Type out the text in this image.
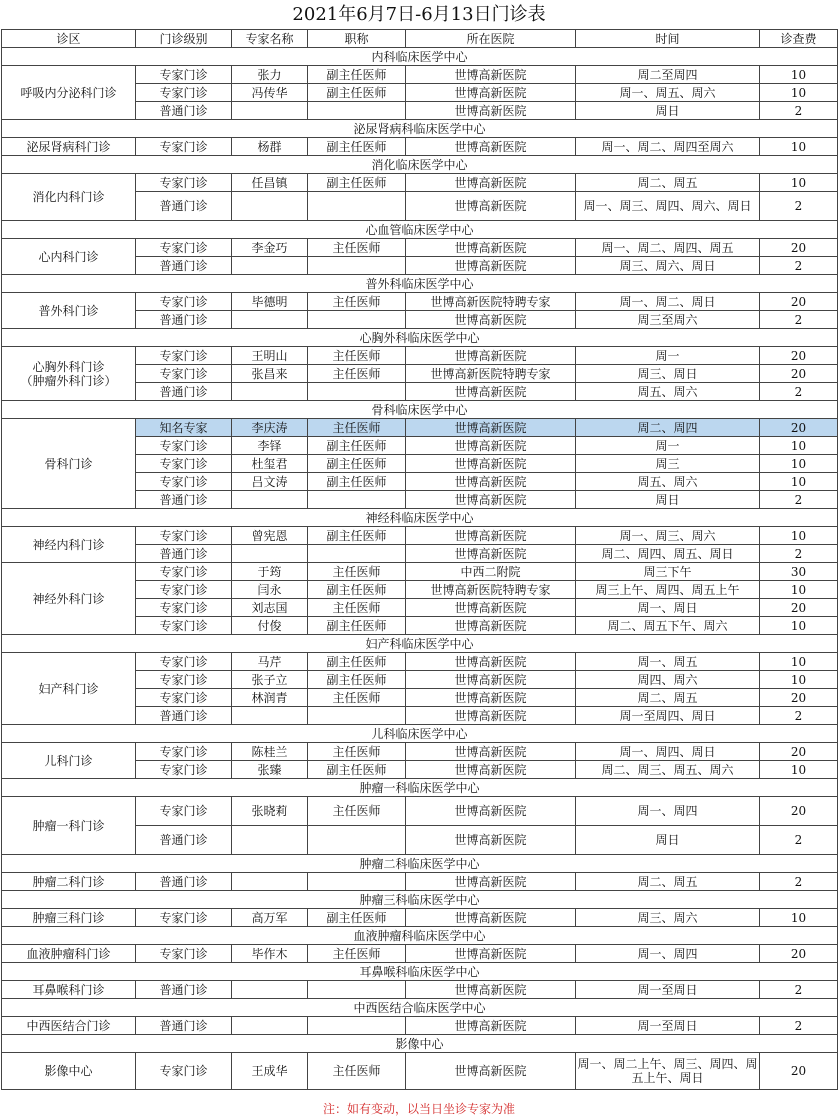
2021年6月7日-6月13日门诊表
诊区	门诊级别	专家名称	职称	所在医院	时间	诊查费
内科临床医学中心						

呼吸内分泌科门诊	专家门诊	张力	副主任医师	世博高新医院	周二至周四	10
	专家门诊	冯传华	副主任医师	世博高新医院	周一、周五、周六	10
	普通门诊			世博高新医院	周日	2
泌尿肾病科临床医学中心						

泌尿肾病科门诊	专家门诊	杨群	副主任医师	世博高新医院	周一、周二、周四至周六	10
消化临床医学中心						

消化内科门诊	专家门诊	任昌镇	副主任医师	世博高新医院	周二、周五	10
	普通门诊			世博高新医院	周一、周三、周四、周六、周日	2
心血管临床医学中心						

心内科门诊	专家门诊	李金巧	主任医师	世博高新医院	周一、周二、周四、周五	20
	普通门诊			世博高新医院	周三、周六、周日	2
普外科临床医学中心						

普外科门诊	专家门诊	毕德明	主任医师	世博高新医院特聘专家	周一、周二、周日	20
	普通门诊			世博高新医院	周三至周六	2
心胸外科临床医学中心						

心胸外科门诊
（肿瘤外科门诊）	专家门诊	王明山	主任医师	世博高新医院	周一	20
	专家门诊	张昌来	主任医师	世博高新医院特聘专家	周三、周日	20
	普通门诊			世博高新医院	周五、周六	2
骨科临床医学中心						

骨科门诊	知名专家	李庆涛	主任医师	世博高新医院	周二、周四	20
	专家门诊	李铎	副主任医师	世博高新医院	周一	10
	专家门诊	杜玺君	副主任医师	世博高新医院	周三	10
	专家门诊	吕文涛	副主任医师	世博高新医院	周五、周六	10
	普通门诊			世博高新医院	周日	2
神经科临床医学中心						

神经内科门诊	专家门诊	曾宪恩	副主任医师	世博高新医院	周一、周三、周六	10
	普通门诊			世博高新医院	周二、周四、周五、周日	2

神经外科门诊	专家门诊	于筠	主任医师	中西二附院	周三下午	30
	专家门诊	闫永	副主任医师	世博高新医院特聘专家	周三上午、周四、周五上午	10
	专家门诊	刘志国	主任医师	世博高新医院	周一、周日	20
	专家门诊	付俊	副主任医师	世博高新医院	周二、周五下午、周六	10
妇产科临床医学中心						

妇产科门诊	专家门诊	马芹	副主任医师	世博高新医院	周一、周五	10
	专家门诊	张子立	副主任医师	世博高新医院	周四、周六	10
	专家门诊	林润青	主任医师	世博高新医院	周二、周五	20
	普通门诊			世博高新医院	周一至周四、周日	2
儿科临床医学中心						

儿科门诊	专家门诊	陈桂兰	主任医师	世博高新医院	周一、周四、周日	20
	专家门诊	张臻	副主任医师	世博高新医院	周二、周三、周五、周六	10
肿瘤一科临床医学中心						

肿瘤一科门诊	专家门诊	张晓莉	主任医师	世博高新医院	周一、周四	20
	普通门诊			世博高新医院	周日	2
肿瘤二科临床医学中心						

肿瘤二科门诊	普通门诊			世博高新医院	周二、周五	2
肿瘤三科临床医学中心						

肿瘤三科门诊	专家门诊	高万军	副主任医师	世博高新医院	周三、周六	10
血液肿瘤科临床医学中心						

血液肿瘤科门诊	专家门诊	毕作木	主任医师	世博高新医院	周一、周四	20
耳鼻喉科临床医学中心						

耳鼻喉科门诊	普通门诊			世博高新医院	周一至周日	2
中西医结合临床医学中心						

中西医结合门诊	普通门诊			世博高新医院	周一至周日	2
影像中心						

影像中心	专家门诊	王成华	主任医师	世博高新医院	周一、周二上午、周三、周四、周五上午、周日	20
注：如有变动，以当日坐诊专家为准
